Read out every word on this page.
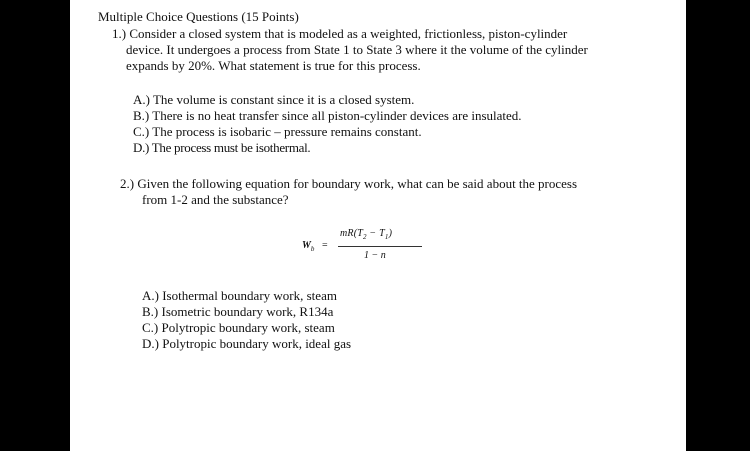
Multiple Choice Questions (15 Points)
1.) Consider a closed system that is modeled as a weighted, frictionless, piston-cylinder
device. It undergoes a process from State 1 to State 3 where it the volume of the cylinder
expands by 20%. What statement is true for this process.
A.) The volume is constant since it is a closed system.
B.) There is no heat transfer since all piston-cylinder devices are insulated.
C.) The process is isobaric – pressure remains constant.
D.) The process must be isothermal.
2.) Given the following equation for boundary work, what can be said about the process
from 1-2 and the substance?
$W_b$ =
$mR(T_2 - T_1)$
1 − n
A.) Isothermal boundary work, steam
B.) Isometric boundary work, R134a
C.) Polytropic boundary work, steam
D.) Polytropic boundary work, ideal gas
